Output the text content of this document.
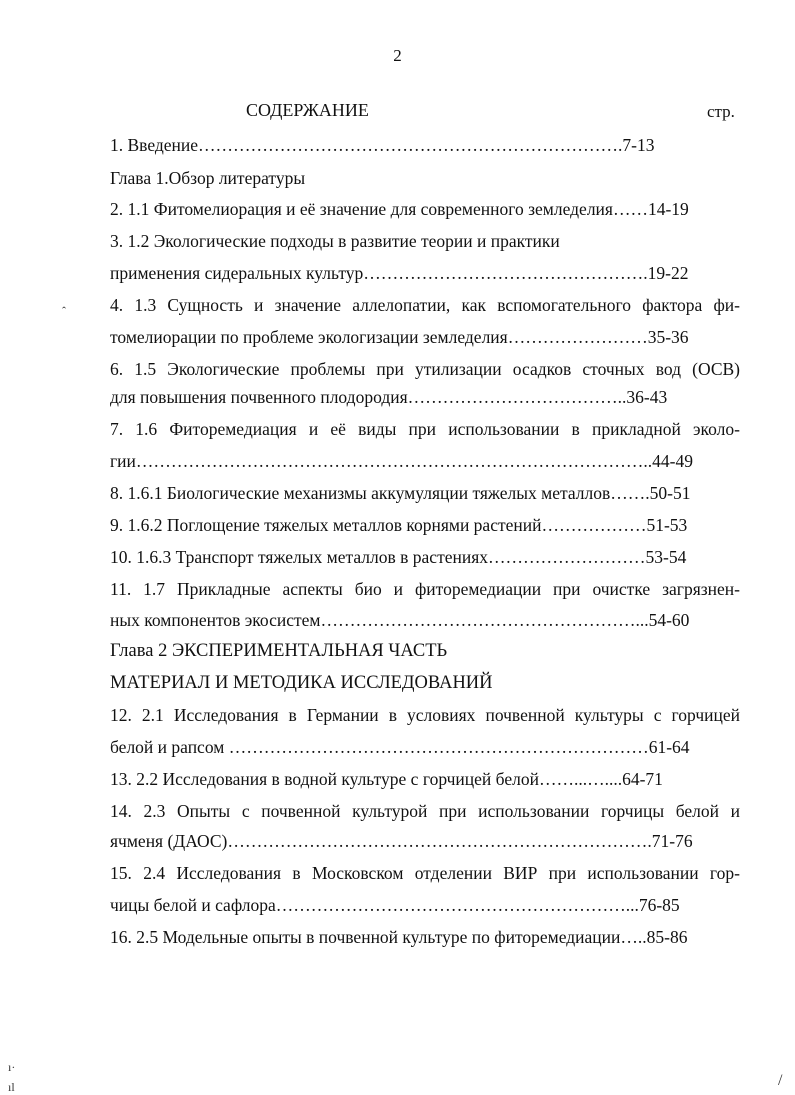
2
СОДЕРЖАНИЕ	стр.
1. Введение……………………………………………………………….7-13
Глава 1.Обзор литературы
2. 1.1 Фитомелиорация и её значение для современного земледелия……14-19
3. 1.2 Экологические подходы в развитие теории и практики
применения сидеральных культур………………………………………….19-22
4. 1.3 Сущность и значение аллелопатии, как вспомогательного фактора фи-
томелиорации по проблеме экологизации земледелия……………………35-36
6. 1.5 Экологические проблемы при утилизации осадков сточных вод (ОСВ)
для повышения почвенного плодородия………………………………..36-43
7. 1.6 Фиторемедиация и её виды при использовании в прикладной эколо-
гии……………………………………………………………………………..44-49
8. 1.6.1 Биологические механизмы аккумуляции тяжелых металлов…….50-51
9. 1.6.2 Поглощение тяжелых металлов корнями растений………………51-53
10. 1.6.3 Транспорт тяжелых металлов в растениях………………………53-54
11. 1.7 Прикладные аспекты био и фиторемедиации при очистке загрязнен-
ных компонентов экосистем………………………………………………...54-60
Глава 2 ЭКСПЕРИМЕНТАЛЬНАЯ ЧАСТЬ
МАТЕРИАЛ И МЕТОДИКА ИССЛЕДОВАНИЙ
12. 2.1 Исследования в Германии в условиях почвенной культуры с горчицей
белой и рапсом ………………………………………………………………61-64
13. 2.2 Исследования в водной культуре с горчицей белой……...…....64-71
14. 2.3 Опыты с почвенной культурой при использовании горчицы белой и
ячменя (ДАОС)……………………………………………………………….71-76
15. 2.4 Исследования в Московском отделении ВИР при использовании гор-
чицы белой и сафлора……………………………………………………...76-85
16. 2.5 Модельные опыты в почвенной культуре по фиторемедиации…..85-86
ˆ
ı·
ıl	/
